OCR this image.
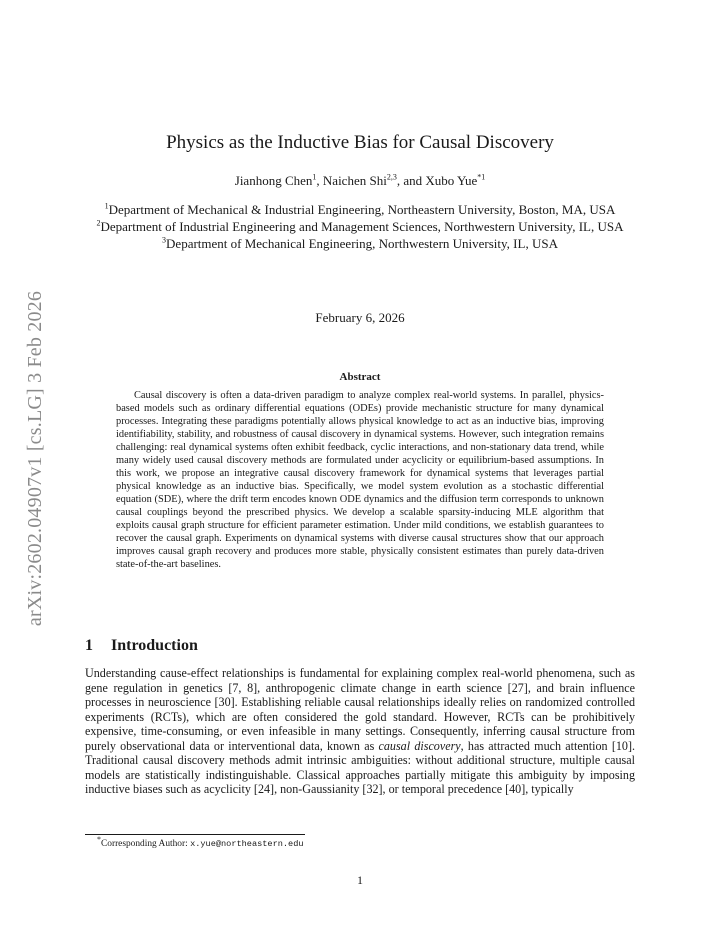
arXiv:2602.04907v1 [cs.LG] 3 Feb 2026
Physics as the Inductive Bias for Causal Discovery
Jianhong Chen$^1$, Naichen Shi$^{2,3}$, and Xubo Yue$^{*1}$
$^1$Department of Mechanical & Industrial Engineering, Northeastern University, Boston, MA, USA
$^2$Department of Industrial Engineering and Management Sciences, Northwestern University, IL, USA
$^3$Department of Mechanical Engineering, Northwestern University, IL, USA
February 6, 2026
Abstract

Causal discovery is often a data-driven paradigm to analyze complex real-world systems. In parallel, physics-based models such as ordinary differential equations (ODEs) provide mechanistic structure for many dynamical processes. Integrating these paradigms potentially allows physical knowledge to act as an inductive bias, improving identifiability, stability, and robustness of causal discovery in dynamical systems. However, such integration remains challenging: real dynamical systems often exhibit feedback, cyclic interactions, and non-stationary data trend, while many widely used causal discovery methods are formulated under acyclicity or equilibrium-based assumptions. In this work, we propose an integrative causal discovery framework for dynamical systems that leverages partial physical knowledge as an inductive bias. Specifically, we model system evolution as a stochastic differential equation (SDE), where the drift term encodes known ODE dynamics and the diffusion term corresponds to unknown causal couplings beyond the prescribed physics. We develop a scalable sparsity-inducing MLE algorithm that exploits causal graph structure for efficient parameter estimation. Under mild conditions, we establish guarantees to recover the causal graph. Experiments on dynamical systems with diverse causal structures show that our approach improves causal graph recovery and produces more stable, physically consistent estimates than purely data-driven state-of-the-art baselines.

1 Introduction

Understanding cause-effect relationships is fundamental for explaining complex real-world phenomena, such as gene regulation in genetics [7, 8], anthropogenic climate change in earth science [27], and brain influence processes in neuroscience [30]. Establishing reliable causal relationships ideally relies on randomized controlled experiments (RCTs), which are often considered the gold standard. However, RCTs can be prohibitively expensive, time-consuming, or even infeasible in many settings. Consequently, inferring causal structure from purely observational data or interventional data, known as causal discovery, has attracted much attention [10]. Traditional causal discovery methods admit intrinsic ambiguities: without additional structure, multiple causal models are statistically indistinguishable. Classical approaches partially mitigate this ambiguity by imposing inductive biases such as acyclicity [24], non-Gaussianity [32], or temporal precedence [40], typically

*Corresponding Author: x.yue@northeastern.edu
1
